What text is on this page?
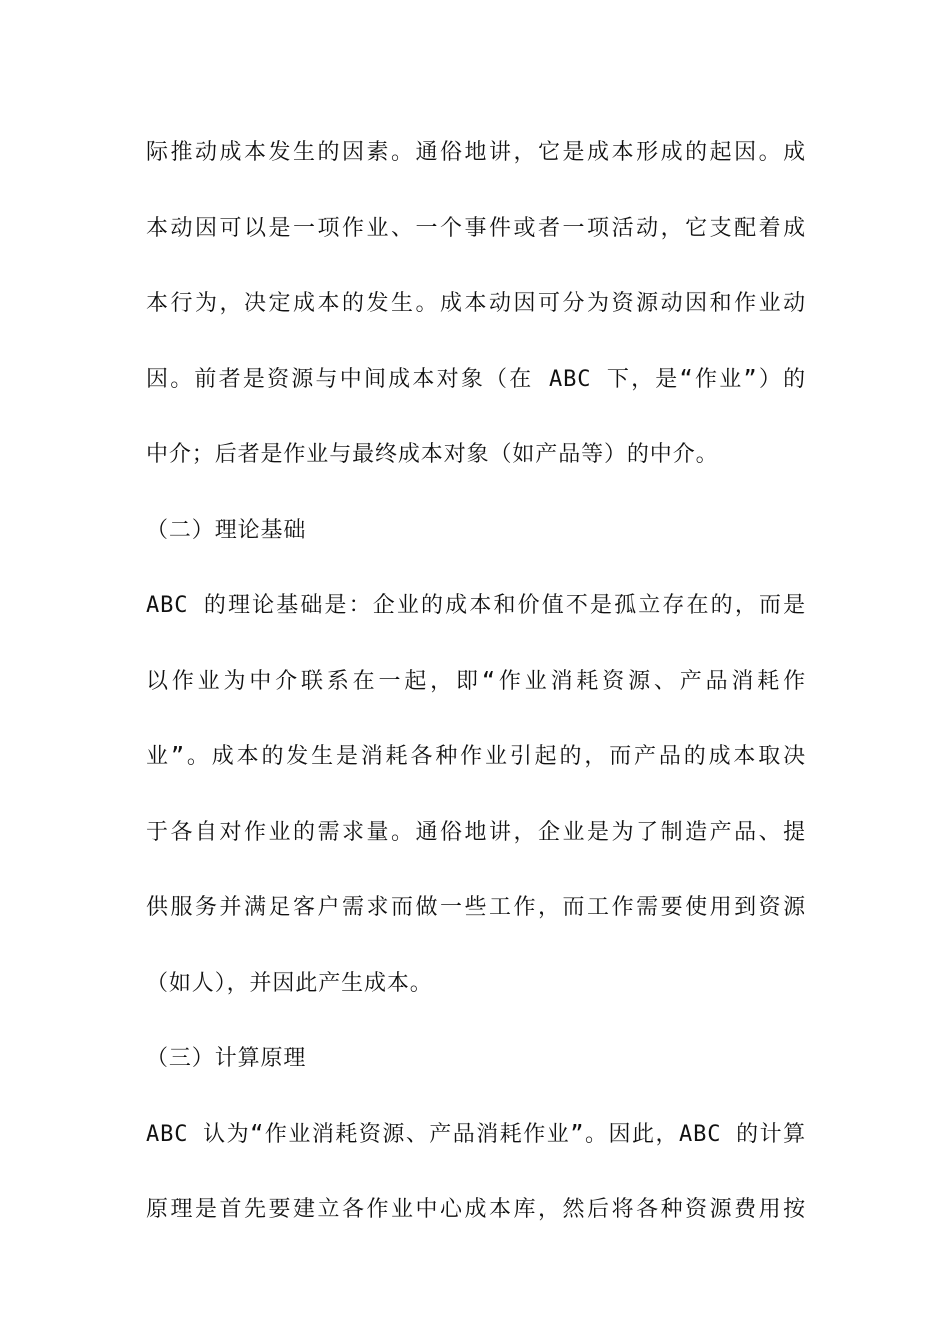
际推动成本发生的因素。通俗地讲，它是成本形成的起因。成
本动因可以是一项作业、一个事件或者一项活动，它支配着成
本行为，决定成本的发生。成本动因可分为资源动因和作业动
因。前者是资源与中间成本对象（在 ABC 下，是“作业”）的
中介；后者是作业与最终成本对象（如产品等）的中介。
（二）理论基础
ABC 的理论基础是：企业的成本和价值不是孤立存在的，而是
以作业为中介联系在一起，即“作业消耗资源、产品消耗作
业”。成本的发生是消耗各种作业引起的，而产品的成本取决
于各自对作业的需求量。通俗地讲，企业是为了制造产品、提
供服务并满足客户需求而做一些工作，而工作需要使用到资源
（如人），并因此产生成本。
（三）计算原理
ABC 认为“作业消耗资源、产品消耗作业”。因此，ABC 的计算
原理是首先要建立各作业中心成本库，然后将各种资源费用按
